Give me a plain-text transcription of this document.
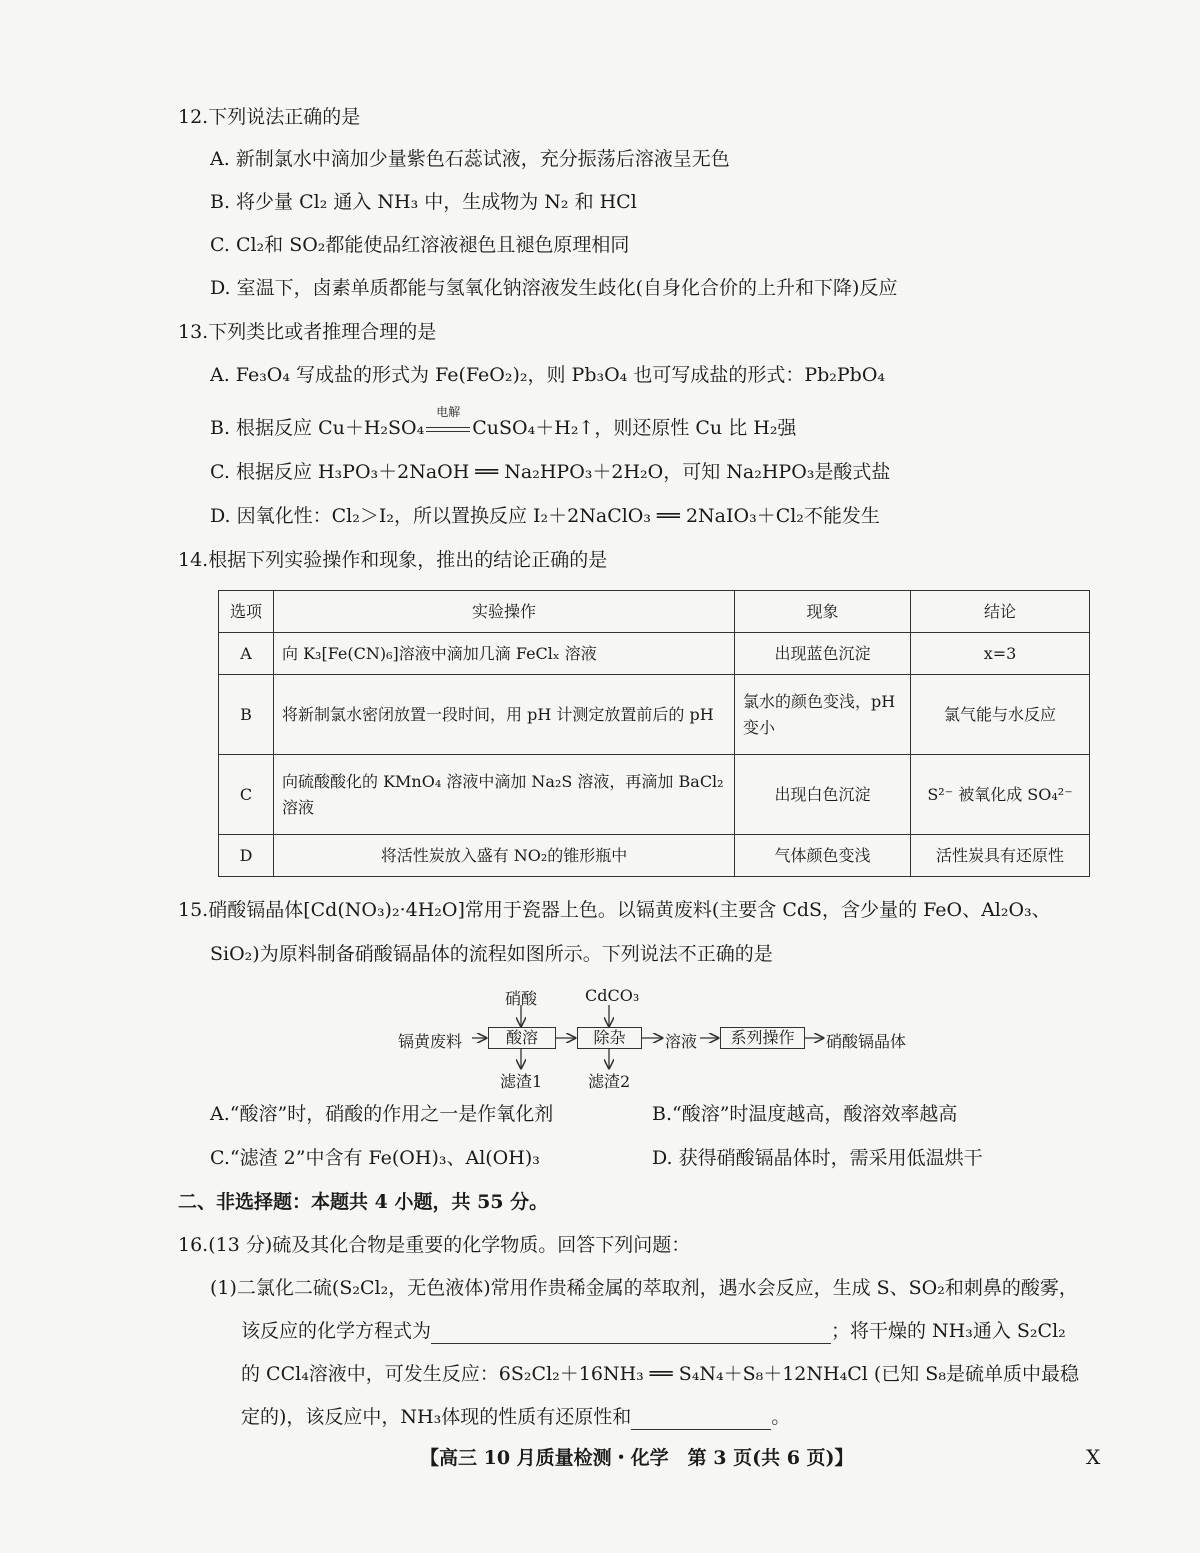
12.下列说法正确的是
A. 新制氯水中滴加少量紫色石蕊试液，充分振荡后溶液呈无色
B. 将少量 Cl₂ 通入 NH₃ 中，生成物为 N₂ 和 HCl
C. Cl₂和 SO₂都能使品红溶液褪色且褪色原理相同
D. 室温下，卤素单质都能与氢氧化钠溶液发生歧化(自身化合价的上升和下降)反应
13.下列类比或者推理合理的是
A. Fe₃O₄ 写成盐的形式为 Fe(FeO₂)₂，则 Pb₃O₄ 也可写成盐的形式：Pb₂PbO₄
B. 根据反应 Cu＋H₂SO₄
电解
CuSO₄＋H₂↑，则还原性 Cu 比 H₂强
C. 根据反应 H₃PO₃＋2NaOH ══ Na₂HPO₃＋2H₂O，可知 Na₂HPO₃是酸式盐
D. 因氧化性：Cl₂＞I₂，所以置换反应 I₂＋2NaClO₃ ══ 2NaIO₃＋Cl₂不能发生
14.根据下列实验操作和现象，推出的结论正确的是
选项	实验操作	现象	结论
A	向 K₃[Fe(CN)₆]溶液中滴加几滴 FeClₓ 溶液	出现蓝色沉淀	x=3
B	将新制氯水密闭放置一段时间，用 pH 计测定放置前后的 pH	氯水的颜色变浅，pH 变小	氯气能与水反应
C	向硫酸酸化的 KMnO₄ 溶液中滴加 Na₂S 溶液，再滴加 BaCl₂溶液	出现白色沉淀	S²⁻ 被氧化成 SO₄²⁻
D	将活性炭放入盛有 NO₂的锥形瓶中	气体颜色变浅	活性炭具有还原性
15.硝酸镉晶体[Cd(NO₃)₂·4H₂O]常用于瓷器上色。以镉黄废料(主要含 CdS，含少量的 FeO、Al₂O₃、
SiO₂)为原料制备硝酸镉晶体的流程如图所示。下列说法不正确的是
镉黄废料
硝酸
酸溶
滤渣1
CdCO₃
除杂
滤渣2
溶液	系列操作	硝酸镉晶体
A.“酸溶”时，硝酸的作用之一是作氧化剂	B.“酸溶”时温度越高，酸溶效率越高
C.“滤渣 2”中含有 Fe(OH)₃、Al(OH)₃	D. 获得硝酸镉晶体时，需采用低温烘干
二、非选择题：本题共 4 小题，共 55 分。
16.(13 分)硫及其化合物是重要的化学物质。回答下列问题：
(1)二氯化二硫(S₂Cl₂，无色液体)常用作贵稀金属的萃取剂，遇水会反应，生成 S、SO₂和刺鼻的酸雾，
该反应的化学方程式为	；将干燥的 NH₃通入 S₂Cl₂
的 CCl₄溶液中，可发生反应：6S₂Cl₂＋16NH₃ ══ S₄N₄＋S₈＋12NH₄Cl (已知 S₈是硫单质中最稳
定的)，该反应中，NH₃体现的性质有还原性和	。
【高三 10 月质量检测・化学　第 3 页(共 6 页)】	X
